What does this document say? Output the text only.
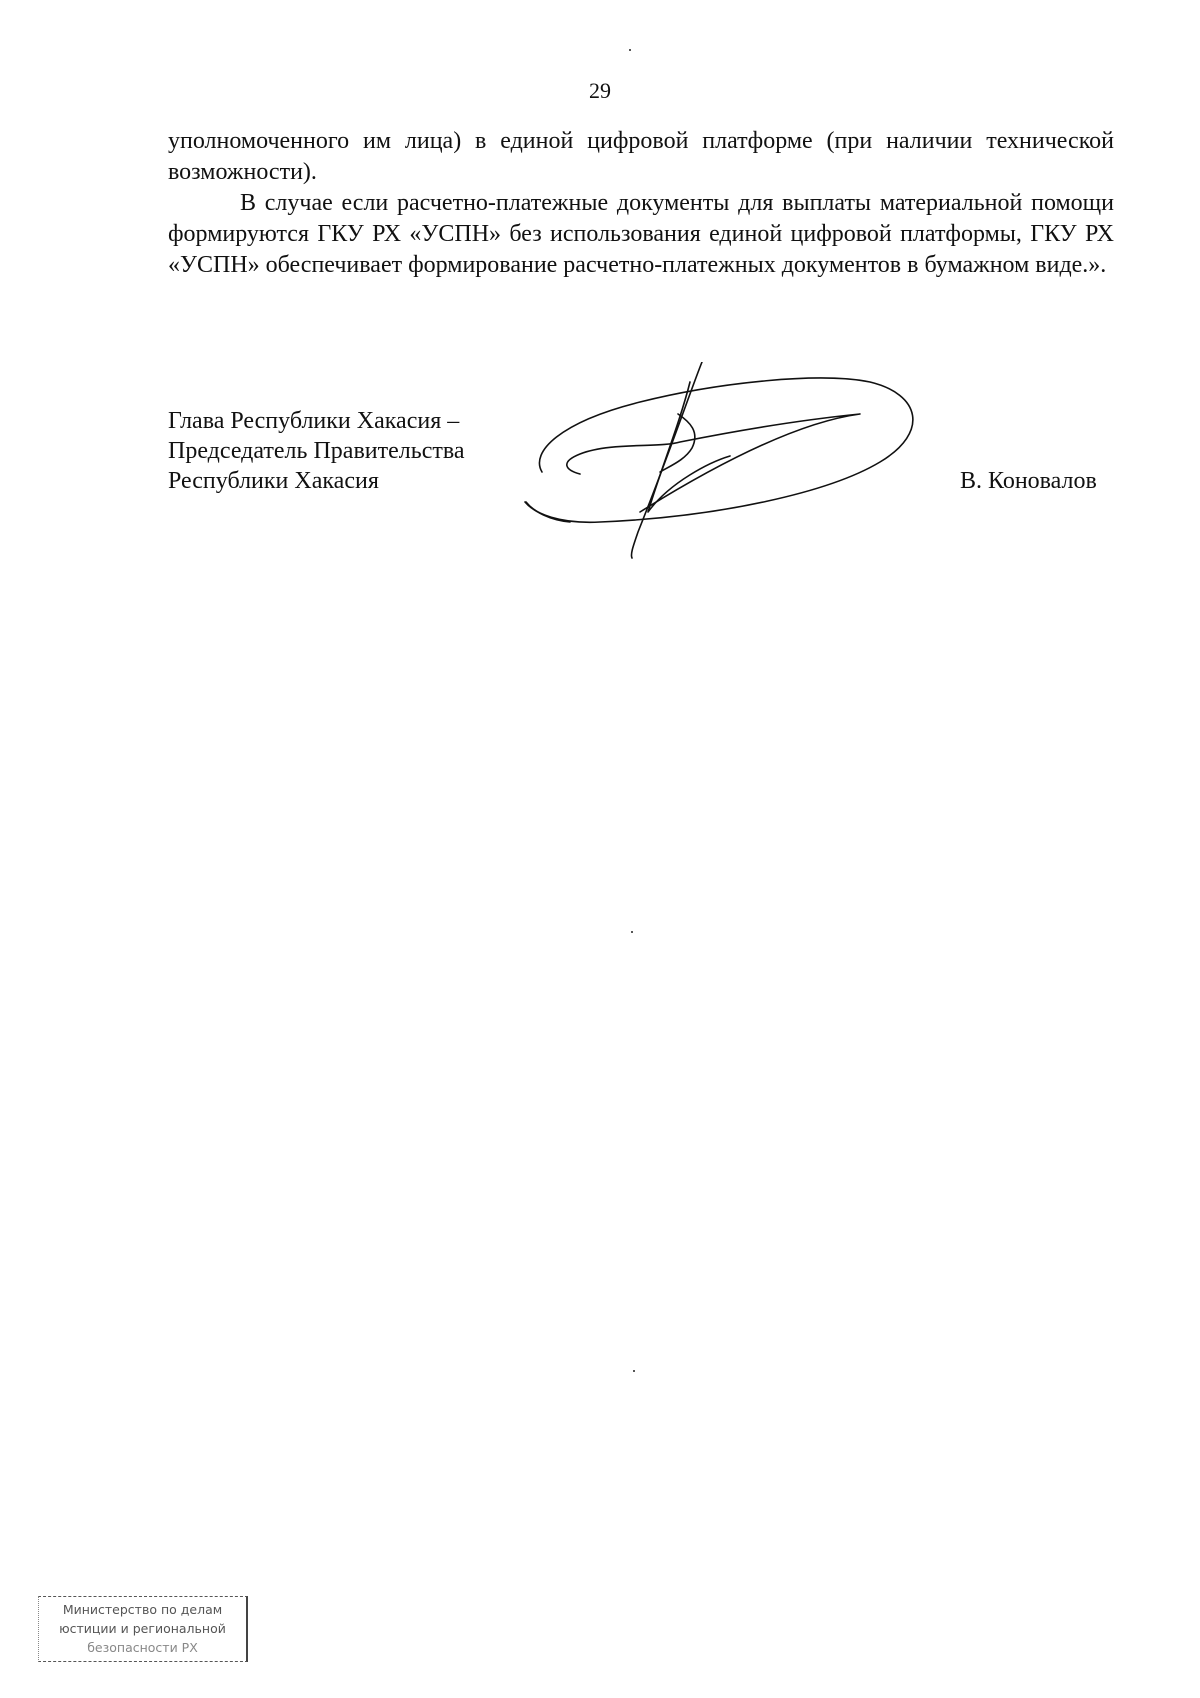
29

уполномоченного им лица) в единой цифровой платформе (при наличии технической возможности).

В случае если расчетно-платежные документы для выплаты материальной помощи формируются ГКУ РХ «УСПН» без использования единой цифровой платформы, ГКУ РХ «УСПН» обеспечивает формирование расчетно-платежных документов в бумажном виде.».

Глава Республики Хакасия –
Председатель Правительства
Республики Хакасия	В. Коновалов
Министерство по делам
юстиции и региональной
безопасности РХ
